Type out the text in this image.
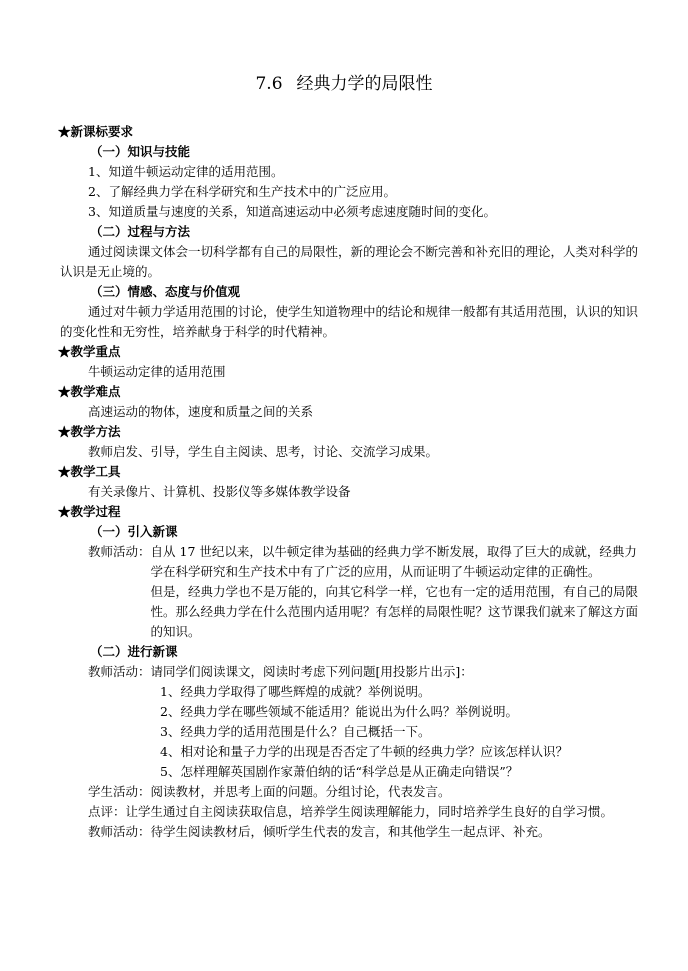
7.6 经典力学的局限性
★新课标要求
（一）知识与技能
1、知道牛顿运动定律的适用范围。
2、了解经典力学在科学研究和生产技术中的广泛应用。
3、知道质量与速度的关系，知道高速运动中必须考虑速度随时间的变化。
（二）过程与方法
通过阅读课文体会一切科学都有自己的局限性，新的理论会不断完善和补充旧的理论，人类对科学的认识是无止境的。
（三）情感、态度与价值观
通过对牛顿力学适用范围的讨论，使学生知道物理中的结论和规律一般都有其适用范围，认识的知识的变化性和无穷性，培养献身于科学的时代精神。
★教学重点
牛顿运动定律的适用范围
★教学难点
高速运动的物体，速度和质量之间的关系
★教学方法
教师启发、引导，学生自主阅读、思考，讨论、交流学习成果。
★教学工具
有关录像片、计算机、投影仪等多媒体教学设备
★教学过程
（一）引入新课
教师活动： 自从 17 世纪以来，以牛顿定律为基础的经典力学不断发展，取得了巨大的成就，经典力学在科学研究和生产技术中有了广泛的应用，从而证明了牛顿运动定律的正确性。

但是，经典力学也不是万能的，向其它科学一样，它也有一定的适用范围，有自己的局限性。那么经典力学在什么范围内适用呢？有怎样的局限性呢？这节课我们就来了解这方面的知识。

（二）进行新课
教师活动： 请同学们阅读课文，阅读时考虑下列问题[用投影片出示]：

1、经典力学取得了哪些辉煌的成就？举例说明。
2、经典力学在哪些领域不能适用？能说出为什么吗？举例说明。
3、经典力学的适用范围是什么？自己概括一下。
4、相对论和量子力学的出现是否否定了牛顿的经典力学？应该怎样认识？
5、怎样理解英国剧作家萧伯纳的话“科学总是从正确走向错误”？
学生活动：阅读教材，并思考上面的问题。分组讨论，代表发言。
点评：让学生通过自主阅读获取信息，培养学生阅读理解能力，同时培养学生良好的自学习惯。
教师活动：待学生阅读教材后，倾听学生代表的发言，和其他学生一起点评、补充。
